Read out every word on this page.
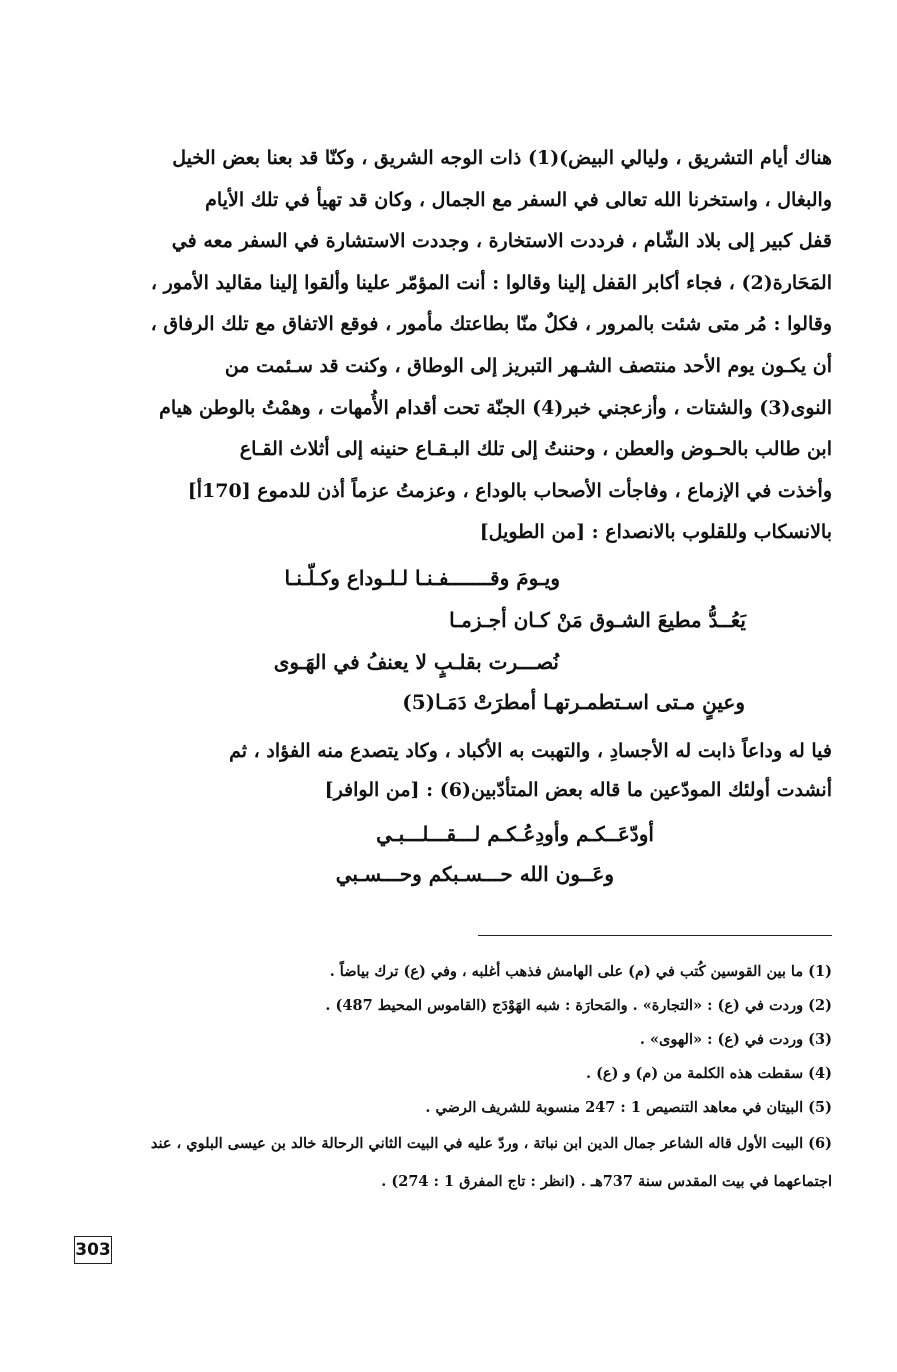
هناك أيام التشريق ، وليالي البيض)(1) ذات الوجه الشريق ، وكنّا قد بعنا بعض الخيل
والبغال ، واستخرنا الله تعالى في السفر مع الجمال ، وكان قد تهيأ في تلك الأيام
قفل كبير إلى بلاد الشّام ، فرددت الاستخارة ، وجددت الاستشارة في السفر معه في
المَحَارة(2) ، فجاء أكابر القفل إلينا وقالوا : أنت المؤمّر علينا وألقوا إلينا مقاليد الأمور ،
وقالوا : مُر متى شئت بالمرور ، فكلٌ منّا بطاعتك مأمور ، فوقع الاتفاق مع تلك الرفاق ،
أن يكـون يوم الأحد منتصف الشـهر التبريز إلى الوطاق ، وكنت قد سـئمت من
النوى(3) والشتات ، وأزعجني خبر(4) الجنّة تحت أقدام الأُمهات ، وهمْتُ بالوطن هيام
ابن طالب بالحـوض والعطن ، وحننتُ إلى تلك البـقـاع حنينه إلى أثلاث القـاع
وأخذت في الإزماع ، وفاجأت الأصحاب بالوداع ، وعزمتُ عزماً أذن للدموع [170أ]
بالانسكاب وللقلوب بالانصداع : [من الطويل]
ويـومَ وقـــــــفـنـا لـلـوداع وكـلّـنـا
يَعُــدُّ مطيعَ الشـوق مَنْ كـان أجـزمـا
نُصـــرت بقلـبٍ لا يعنفُ في الهَـوى
وعينٍ مـتى اسـتطمـرتهـا أمطرَتْ دَمَـا(5)
فيا له وداعاً ذابت له الأجسادِ ، والتهبت به الأكباد ، وكاد يتصدع منه الفؤاد ، ثم
أنشدت أولئك المودّعين ما قاله بعض المتأدّبين(6) : [من الوافر]
أودّعَــكـم وأودِعُـكـم لـــقـــلـــبـي
وعَــون الله حـــسـبكم وحـــسـبي
(1) ما بين القوسين كُتب في (م) على الهامش فذهب أغلبه ، وفي (ع) ترك بياضاً .
(2) وردت في (ع) : «التجارة» . والمَحارَة : شبه الهَوْدَج (القاموس المحيط 487) .
(3) وردت في (ع) : «الهوى» .
(4) سقطت هذه الكلمة من (م) و (ع) .
(5) البيتان في معاهد التنصيص 1 : 247 منسوبة للشريف الرضي .
(6) البيت الأول قاله الشاعر جمال الدين ابن نباتة ، وردّ عليه في البيت الثاني الرحالة خالد بن عيسى البلوي ، عند اجتماعهما في بيت المقدس سنة 737هـ . (انظر : تاج المفرق 1 : 274) .
303
